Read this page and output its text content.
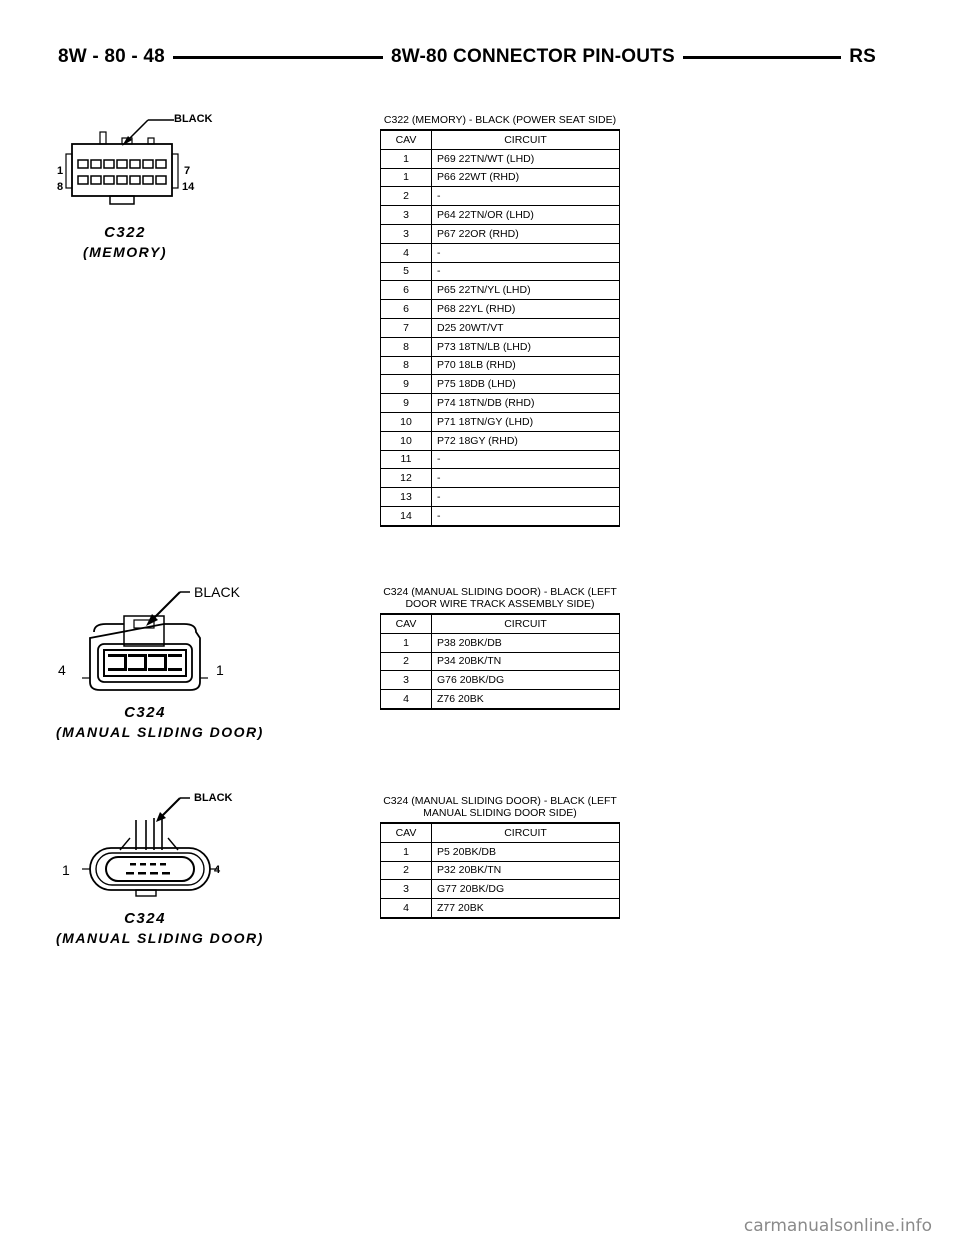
8W - 80 - 48	8W-80 CONNECTOR PIN-OUTS	RS
BLACK
1
8
7
14
C322
(MEMORY)
BLACK
4	1
C324
(MANUAL SLIDING DOOR)
BLACK
1	4
C324
(MANUAL SLIDING DOOR)
C322 (MEMORY) - BLACK (POWER SEAT SIDE)
CAV	CIRCUIT
1	P69 22TN/WT (LHD)
1	P66 22WT (RHD)
2	-
3	P64 22TN/OR (LHD)
3	P67 22OR (RHD)
4	-
5	-
6	P65 22TN/YL (LHD)
6	P68 22YL (RHD)
7	D25 20WT/VT
8	P73 18TN/LB (LHD)
8	P70 18LB (RHD)
9	P75 18DB (LHD)
9	P74 18TN/DB (RHD)
10	P71 18TN/GY (LHD)
10	P72 18GY (RHD)
11	-
12	-
13	-
14	-
C324 (MANUAL SLIDING DOOR) - BLACK (LEFT
DOOR WIRE TRACK ASSEMBLY SIDE)
CAV	CIRCUIT
1	P38 20BK/DB
2	P34 20BK/TN
3	G76 20BK/DG
4	Z76 20BK
C324 (MANUAL SLIDING DOOR) - BLACK (LEFT
MANUAL SLIDING DOOR SIDE)
CAV	CIRCUIT
1	P5 20BK/DB
2	P32 20BK/TN
3	G77 20BK/DG
4	Z77 20BK
carmanualsonline.info
